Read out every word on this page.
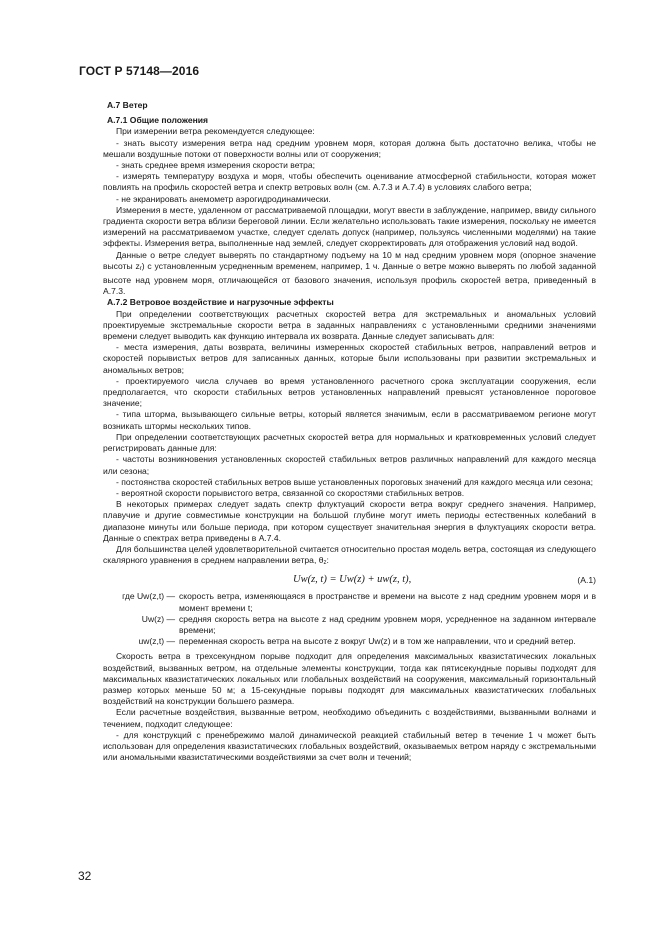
ГОСТ Р 57148—2016

А.7 Ветер

А.7.1 Общие положения

При измерении ветра рекомендуется следующее:

- знать высоту измерения ветра над средним уровнем моря, которая должна быть достаточно велика, чтобы не мешали воздушные потоки от поверхности волны или от сооружения;

- знать среднее время измерения скорости ветра;

- измерять температуру воздуха и моря, чтобы обеспечить оценивание атмосферной стабильности, которая может повлиять на профиль скоростей ветра и спектр ветровых волн (см. А.7.3 и А.7.4) в условиях слабого ветра;

- не экранировать анемометр аэрогидродинамически.

Измерения в месте, удаленном от рассматриваемой площадки, могут ввести в заблуждение, например, ввиду сильного градиента скорости ветра вблизи береговой линии. Если желательно использовать такие измерения, поскольку не имеется измерений на рассматриваемом участке, следует сделать допуск (например, пользуясь численными моделями) на такие эффекты. Измерения ветра, выполненные над землей, следует скорректировать для отображения условий над водой.

Данные о ветре следует выверять по стандартному подъему на 10 м над средним уровнем моря (опорное значение высоты $z_r$) с установленным усредненным временем, например, 1 ч. Данные о ветре можно выверять по любой заданной высоте над уровнем моря, отличающейся от базового значения, используя профиль скоростей ветра, приведенный в А.7.3.

А.7.2 Ветровое воздействие и нагрузочные эффекты

При определении соответствующих расчетных скоростей ветра для экстремальных и аномальных условий проектируемые экстремальные скорости ветра в заданных направлениях с установленными средними значениями времени следует выводить как функцию интервала их возврата. Данные следует записывать для:

- места измерения, даты возврата, величины измеренных скоростей стабильных ветров, направлений ветров и скоростей порывистых ветров для записанных данных, которые были использованы при развитии экстремальных и аномальных ветров;

- проектируемого числа случаев во время установленного расчетного срока эксплуатации сооружения, если предполагается, что скорости стабильных ветров установленных направлений превысят установленное пороговое значение;

- типа шторма, вызывающего сильные ветры, который является значимым, если в рассматриваемом регионе могут возникать штормы нескольких типов.

При определении соответствующих расчетных скоростей ветра для нормальных и кратковременных условий следует регистрировать данные для:

- частоты возникновения установленных скоростей стабильных ветров различных направлений для каждого месяца или сезона;

- постоянства скоростей стабильных ветров выше установленных пороговых значений для каждого месяца или сезона;

- вероятной скорости порывистого ветра, связанной со скоростями стабильных ветров.

В некоторых примерах следует задать спектр флуктуаций скорости ветра вокруг среднего значения. Например, плавучие и другие совместимые конструкции на большой глубине могут иметь периоды естественных колебаний в диапазоне минуты или больше периода, при котором существует значительная энергия в флуктуациях скорости ветра. Данные о спектрах ветра приведены в А.7.4.

Для большинства целей удовлетворительной считается относительно простая модель ветра, состоящая из следующего скалярного уравнения в среднем направлении ветра, $\theta_z$:

Uw(z, t) = Uw(z) + uw(z, t),	(А.1)
где Uw(z,t) — скорость ветра, изменяющаяся в пространстве и времени на высоте z над средним уровнем моря и в момент времени t;
Uw(z) — средняя скорость ветра на высоте z над средним уровнем моря, усредненное на заданном интервале времени;
uw(z,t) — переменная скорость ветра на высоте z вокруг Uw(z) и в том же направлении, что и средний ветер.

Скорость ветра в трехсекундном порыве подходит для определения максимальных квазистатических локальных воздействий, вызванных ветром, на отдельные элементы конструкции, тогда как пятисекундные порывы подходят для максимальных квазистатических локальных или глобальных воздействий на сооружения, максимальный горизонтальный размер которых меньше 50 м; а 15-секундные порывы подходят для максимальных квазистатических глобальных воздействий на конструкции большего размера.

Если расчетные воздействия, вызванные ветром, необходимо объединить с воздействиями, вызванными волнами и течением, подходит следующее:

- для конструкций с пренебрежимо малой динамической реакцией стабильный ветер в течение 1 ч может быть использован для определения квазистатических глобальных воздействий, оказываемых ветром наряду с экстремальными или аномальными квазистатическими воздействиями за счет волн и течений;

32
